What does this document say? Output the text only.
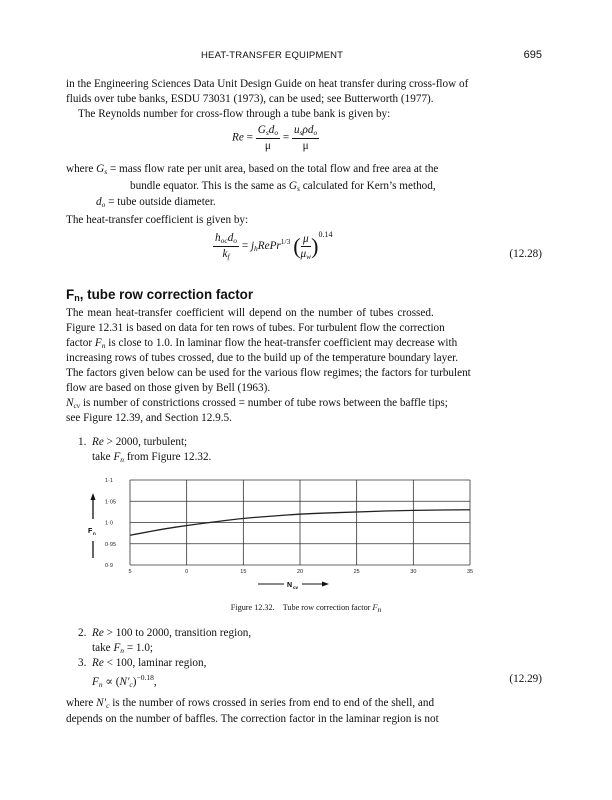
HEAT-TRANSFER EQUIPMENT	695
in the Engineering Sciences Data Unit Design Guide on heat transfer during cross-flow of
fluids over tube banks, ESDU 73031 (1973), can be used; see Butterworth (1977).
The Reynolds number for cross-flow through a tube bank is given by:
$Re = \frac{G_sd_o}{\mu} = \frac{u_s\rho d_o}{\mu}$
where $G_s$ = mass flow rate per unit area, based on the total flow and free area at the
bundle equator. This is the same as $G_s$ calculated for Kern’s method,
$d_o$ = tube outside diameter.
The heat-transfer coefficient is given by:
$\frac{h_{oc}d_o}{k_f}$ = $j_hRePr^{1/3}$ ( $\frac{\mu}{\mu_w} )^{0.14}$
(12.28)
$F_n$, tube row correction factor
The mean heat-transfer coefficient will depend on the number of tubes crossed.
Figure 12.31 is based on data for ten rows of tubes. For turbulent flow the correction
factor $F_n$ is close to 1.0. In laminar flow the heat-transfer coefficient may decrease with
increasing rows of tubes crossed, due to the build up of the temperature boundary layer.
The factors given below can be used for the various flow regimes; the factors for turbulent
flow are based on those given by Bell (1963).
$N_{cv}$ is number of constrictions crossed = number of tube rows between the baffle tips;
see Figure 12.39, and Section 12.9.5.
1. Re > 2000, turbulent;
take $F_n$ from Figure 12.32.
1·1
1·05
1·0
0·95
0·9
5	0	15	20	25	30	35
F n
N cv
Figure 12.32. Tube row correction factor $F_n$
2. Re > 100 to 2000, transition region,
take $F_n = 1.0$;
3. Re < 100, laminar region,
$F_n \propto (N'_c)^{-0.18}$,	(12.29)
where $N'_c$ is the number of rows crossed in series from end to end of the shell, and
depends on the number of baffles. The correction factor in the laminar region is not
